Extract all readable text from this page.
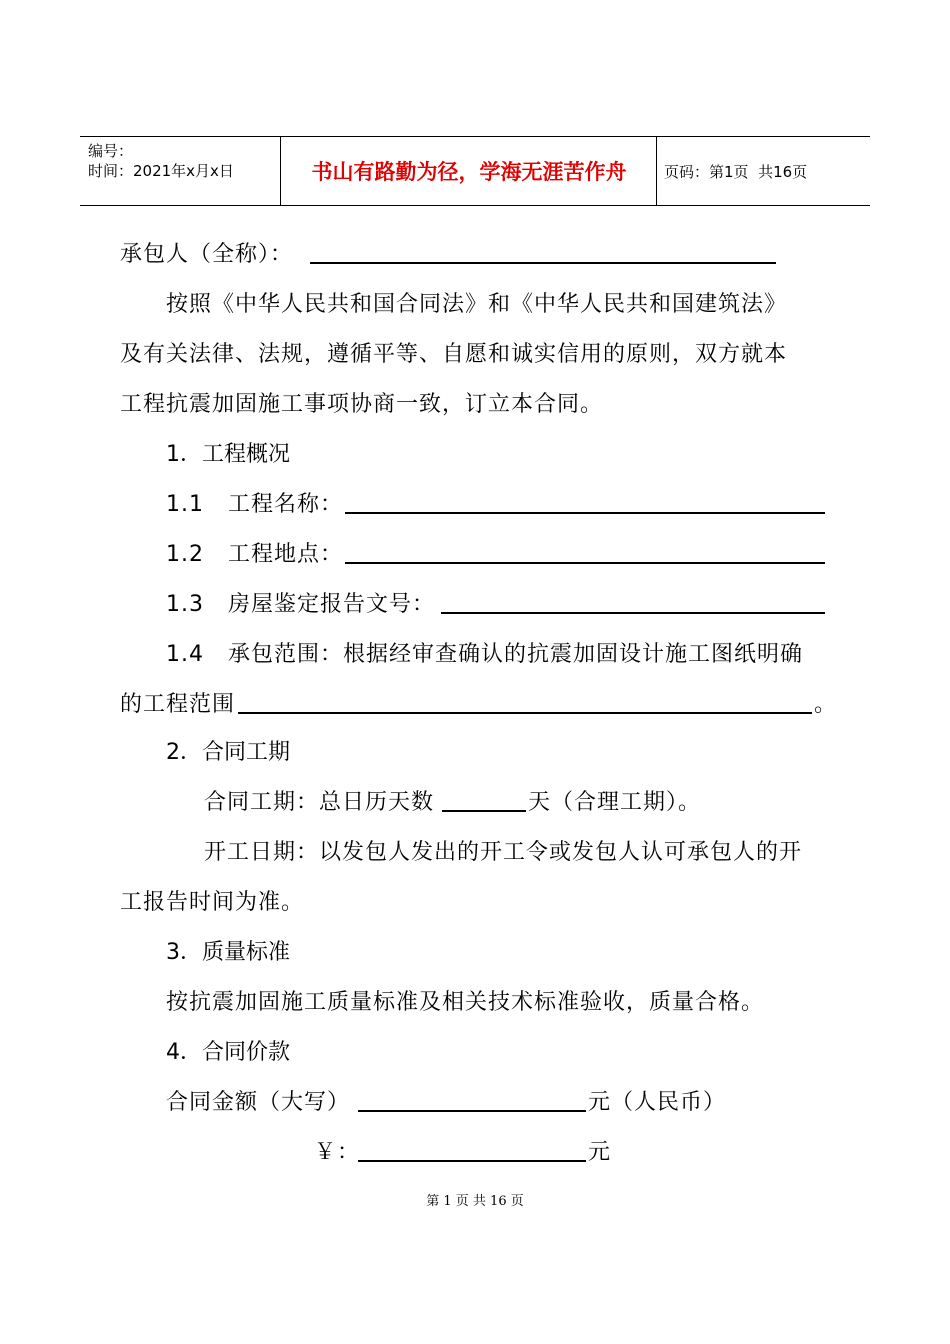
编号：
时间：2021年x月x日	书山有路勤为径，学海无涯苦作舟	页码：第1页  共16页
承包人（全称）：
按照《中华人民共和国合同法》和《中华人民共和国建筑法》
及有关法律、法规，遵循平等、自愿和诚实信用的原则，双方就本
工程抗震加固施工事项协商一致，订立本合同。
1．工程概况
1.1   工程名称：
1.2   工程地点：
1.3   房屋鉴定报告文号：
1.4   承包范围：根据经审查确认的抗震加固设计施工图纸明确
的工程范围	。
2．合同工期
合同工期：总日历天数	天（合理工期）。
开工日期：以发包人发出的开工令或发包人认可承包人的开
工报告时间为准。
3．质量标准
按抗震加固施工质量标准及相关技术标准验收，质量合格。
4．合同价款
合同金额（大写）	元（人民币）
￥：	元
第 1 页 共 16 页
